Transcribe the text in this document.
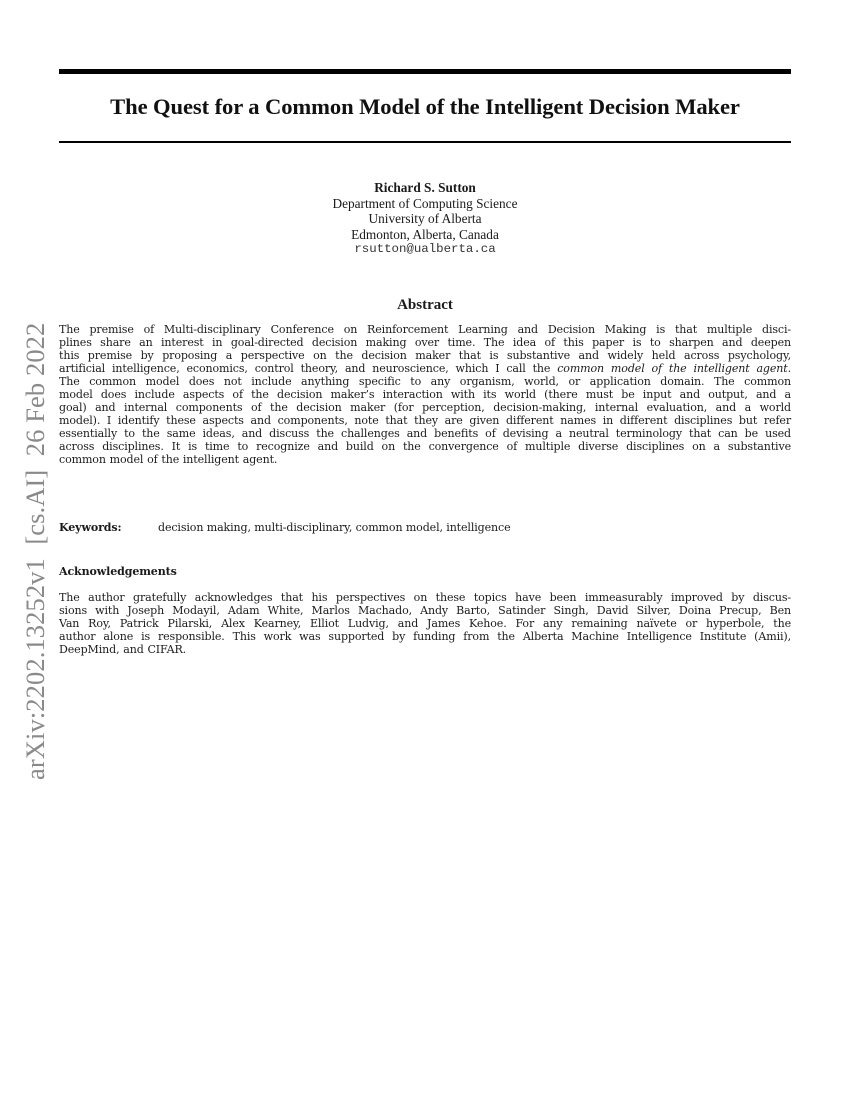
arXiv:2202.13252v1  [cs.AI]  26 Feb 2022
The Quest for a Common Model of the Intelligent Decision Maker
Richard S. Sutton
Department of Computing Science
University of Alberta
Edmonton, Alberta, Canada
rsutton@ualberta.ca
Abstract
The premise of Multi-disciplinary Conference on Reinforcement Learning and Decision Making is that multiple disci-
plines share an interest in goal-directed decision making over time. The idea of this paper is to sharpen and deepen
this premise by proposing a perspective on the decision maker that is substantive and widely held across psychology,
artificial intelligence, economics, control theory, and neuroscience, which I call the common model of the intelligent agent.
The common model does not include anything specific to any organism, world, or application domain. The common
model does include aspects of the decision maker’s interaction with its world (there must be input and output, and a
goal) and internal components of the decision maker (for perception, decision-making, internal evaluation, and a world
model). I identify these aspects and components, note that they are given different names in different disciplines but refer
essentially to the same ideas, and discuss the challenges and benefits of devising a neutral terminology that can be used
across disciplines. It is time to recognize and build on the convergence of multiple diverse disciplines on a substantive
common model of the intelligent agent.
Keywords:	decision making, multi-disciplinary, common model, intelligence
Acknowledgements
The author gratefully acknowledges that his perspectives on these topics have been immeasurably improved by discus-
sions with Joseph Modayil, Adam White, Marlos Machado, Andy Barto, Satinder Singh, David Silver, Doina Precup, Ben
Van Roy, Patrick Pilarski, Alex Kearney, Elliot Ludvig, and James Kehoe. For any remaining naïvete or hyperbole, the
author alone is responsible. This work was supported by funding from the Alberta Machine Intelligence Institute (Amii),
DeepMind, and CIFAR.
